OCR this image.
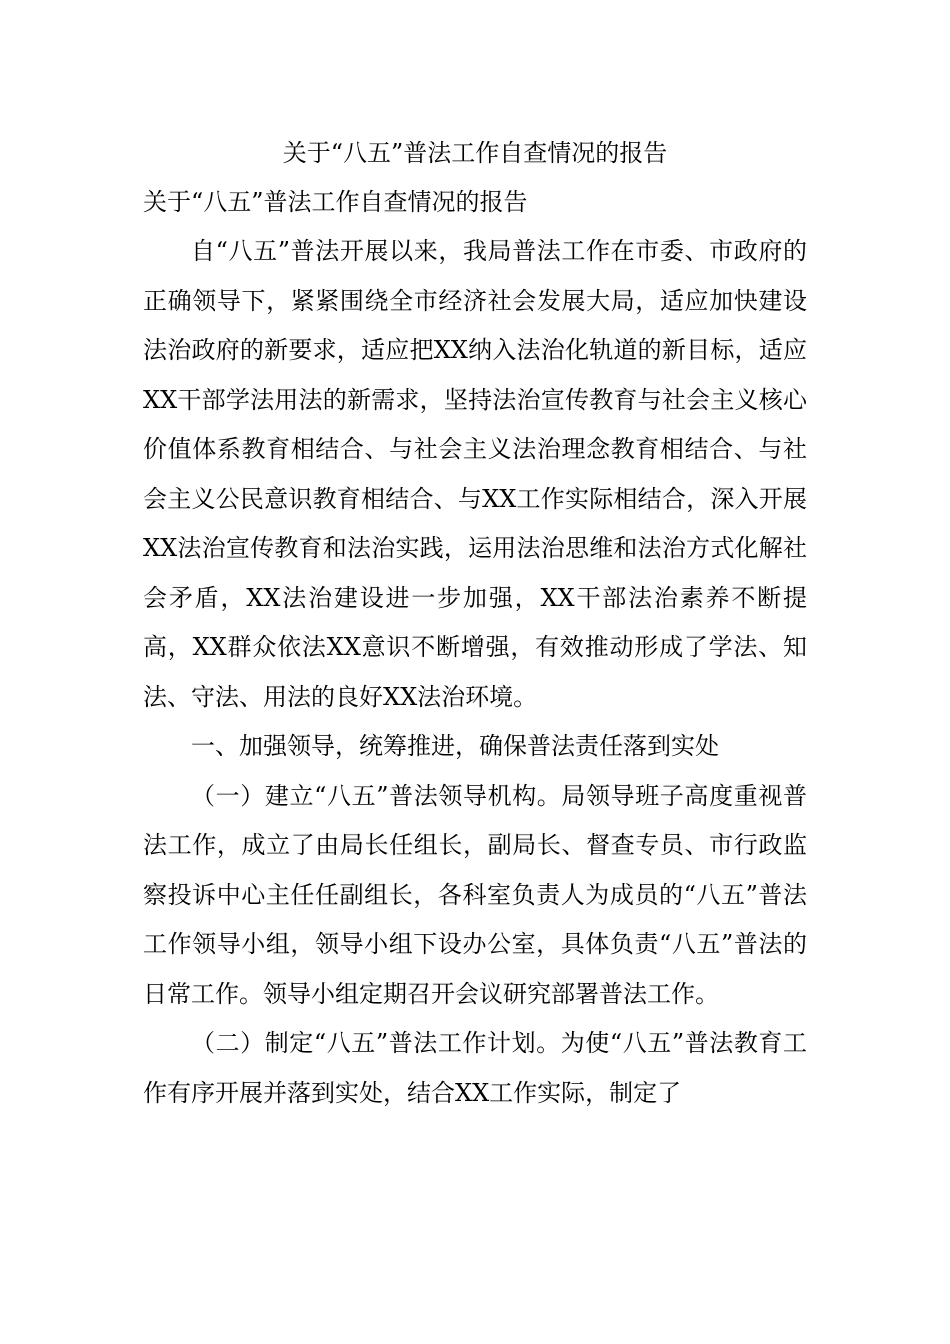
关于“八五”普法工作自查情况的报告
关于“八五”普法工作自查情况的报告

自“八五”普法开展以来，我局普法工作在市委、市政府的正确领导下，紧紧围绕全市经济社会发展大局，适应加快建设法治政府的新要求，适应把XX纳入法治化轨道的新目标，适应XX干部学法用法的新需求，坚持法治宣传教育与社会主义核心价值体系教育相结合、与社会主义法治理念教育相结合、与社会主义公民意识教育相结合、与XX工作实际相结合，深入开展XX法治宣传教育和法治实践，运用法治思维和法治方式化解社会矛盾，XX法治建设进一步加强，XX干部法治素养不断提高，XX群众依法XX意识不断增强，有效推动形成了学法、知法、守法、用法的良好XX法治环境。

一、加强领导，统筹推进，确保普法责任落到实处

（一）建立“八五”普法领导机构。局领导班子高度重视普法工作，成立了由局长任组长，副局长、督查专员、市行政监察投诉中心主任任副组长，各科室负责人为成员的“八五”普法工作领导小组，领导小组下设办公室，具体负责“八五”普法的日常工作。领导小组定期召开会议研究部署普法工作。

（二）制定“八五”普法工作计划。为使“八五”普法教育工作有序开展并落到实处，结合XX工作实际，制定了
